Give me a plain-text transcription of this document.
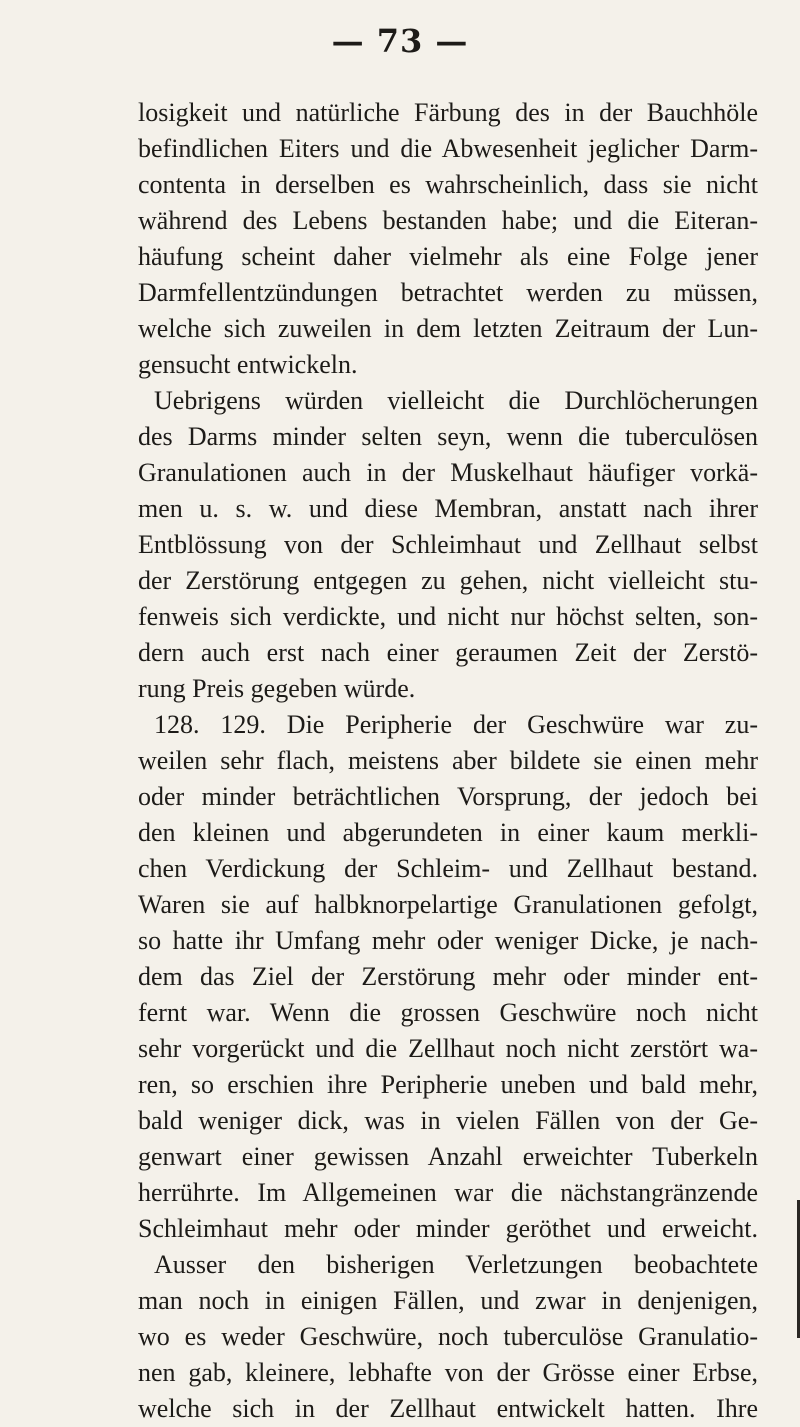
— 73 —
losigkeit und natürliche Färbung des in der Bauchhöle
befindlichen Eiters und die Abwesenheit jeglicher Darm-
contenta in derselben es wahrscheinlich, dass sie nicht
während des Lebens bestanden habe; und die Eiteran-
häufung scheint daher vielmehr als eine Folge jener
Darmfellentzündungen betrachtet werden zu müssen,
welche sich zuweilen in dem letzten Zeitraum der Lun-
gensucht entwickeln.
Uebrigens würden vielleicht die Durchlöcherungen
des Darms minder selten seyn, wenn die tuberculösen
Granulationen auch in der Muskelhaut häufiger vorkä-
men u. s. w. und diese Membran, anstatt nach ihrer
Entblössung von der Schleimhaut und Zellhaut selbst
der Zerstörung entgegen zu gehen, nicht vielleicht stu-
fenweis sich verdickte, und nicht nur höchst selten, son-
dern auch erst nach einer geraumen Zeit der Zerstö-
rung Preis gegeben würde.
128. 129. Die Peripherie der Geschwüre war zu-
weilen sehr flach, meistens aber bildete sie einen mehr
oder minder beträchtlichen Vorsprung, der jedoch bei
den kleinen und abgerundeten in einer kaum merkli-
chen Verdickung der Schleim- und Zellhaut bestand.
Waren sie auf halbknorpelartige Granulationen gefolgt,
so hatte ihr Umfang mehr oder weniger Dicke, je nach-
dem das Ziel der Zerstörung mehr oder minder ent-
fernt war. Wenn die grossen Geschwüre noch nicht
sehr vorgerückt und die Zellhaut noch nicht zerstört wa-
ren, so erschien ihre Peripherie uneben und bald mehr,
bald weniger dick, was in vielen Fällen von der Ge-
genwart einer gewissen Anzahl erweichter Tuberkeln
herrührte. Im Allgemeinen war die nächstangränzende
Schleimhaut mehr oder minder geröthet und erweicht.
Ausser den bisherigen Verletzungen beobachtete
man noch in einigen Fällen, und zwar in denjenigen,
wo es weder Geschwüre, noch tuberculöse Granulatio-
nen gab, kleinere, lebhafte von der Grösse einer Erbse,
welche sich in der Zellhaut entwickelt hatten. Ihre
